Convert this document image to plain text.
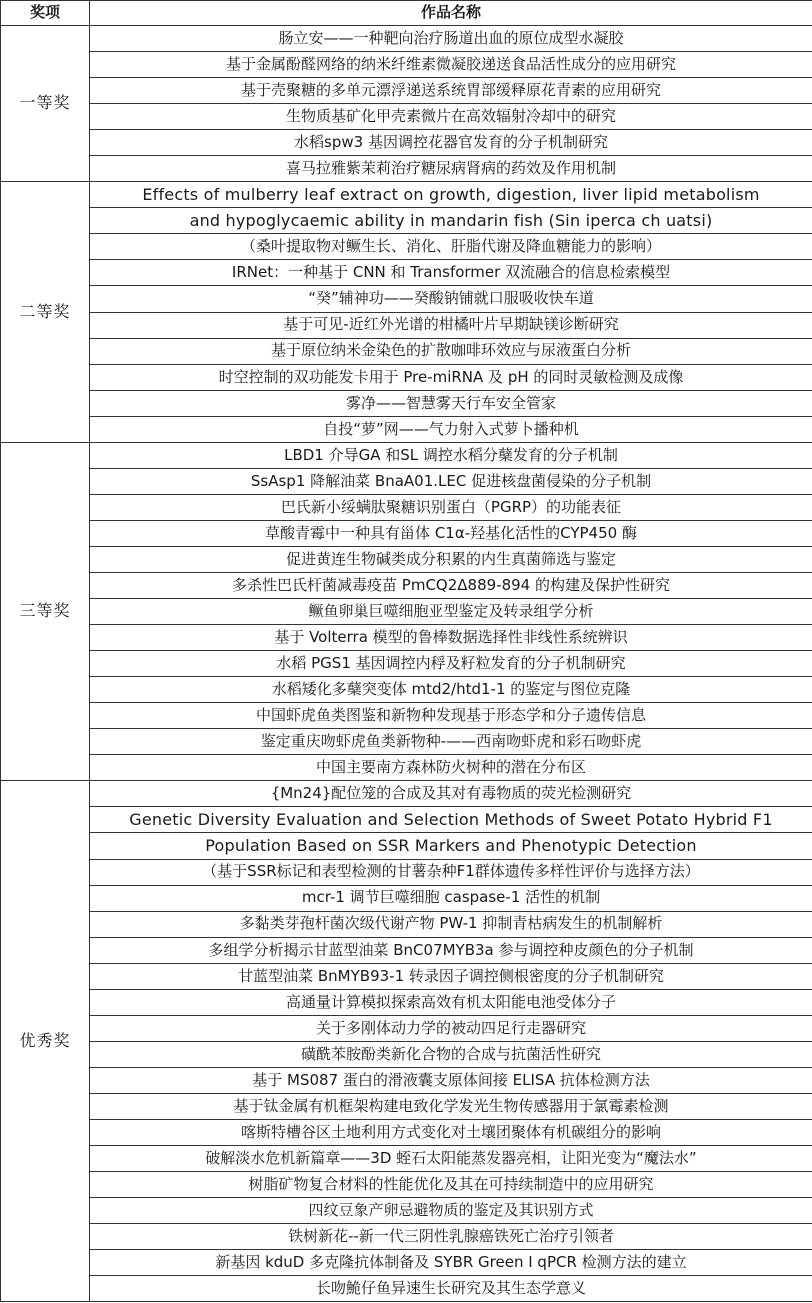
奖项	作品名称
一等奖	肠立安——一种靶向治疗肠道出血的原位成型水凝胶
	基于金属酚醛网络的纳米纤维素微凝胶递送食品活性成分的应用研究
	基于壳聚糖的多单元漂浮递送系统胃部缓释原花青素的应用研究
	生物质基矿化甲壳素微片在高效辐射冷却中的研究
	水稻spw3 基因调控花器官发育的分子机制研究
	喜马拉雅紫茉莉治疗糖尿病肾病的药效及作用机制
二等奖	Effects of mulberry leaf extract on growth, digestion, liver lipid metabolism
	and hypoglycaemic ability in mandarin fish (Sin iperca ch uatsi)
	（桑叶提取物对鳜生长、消化、肝脂代谢及降血糖能力的影响）
	IRNet：一种基于 CNN 和 Transformer 双流融合的信息检索模型
	“癸”辅神功——癸酸钠铺就口服吸收快车道
	基于可见-近红外光谱的柑橘叶片早期缺镁诊断研究
	基于原位纳米金染色的扩散咖啡环效应与尿液蛋白分析
	时空控制的双功能发卡用于 Pre-miRNA 及 pH 的同时灵敏检测及成像
	雾净——智慧雾天行车安全管家
	自投“萝”网——气力射入式萝卜播种机
三等奖	LBD1 介导GA 和SL 调控水稻分蘖发育的分子机制
	SsAsp1 降解油菜 BnaA01.LEC 促进核盘菌侵染的分子机制
	巴氏新小绥螨肽聚糖识别蛋白（PGRP）的功能表征
	草酸青霉中一种具有甾体 C1α-羟基化活性的CYP450 酶
	促进黄连生物碱类成分积累的内生真菌筛选与鉴定
	多杀性巴氏杆菌减毒疫苗 PmCQ2Δ889-894 的构建及保护性研究
	鳜鱼卵巢巨噬细胞亚型鉴定及转录组学分析
	基于 Volterra 模型的鲁棒数据选择性非线性系统辨识
	水稻 PGS1 基因调控内稃及籽粒发育的分子机制研究
	水稻矮化多蘖突变体 mtd2/htd1-1 的鉴定与图位克隆
	中国虾虎鱼类图鉴和新物种发现基于形态学和分子遗传信息
	鉴定重庆吻虾虎鱼类新物种-——西南吻虾虎和彩石吻虾虎
	中国主要南方森林防火树种的潜在分布区
优秀奖	{Mn24}配位笼的合成及其对有毒物质的荧光检测研究
	Genetic Diversity Evaluation and Selection Methods of Sweet Potato Hybrid F1
	Population Based on SSR Markers and Phenotypic Detection
	（基于SSR标记和表型检测的甘薯杂种F1群体遗传多样性评价与选择方法）
	mcr-1 调节巨噬细胞 caspase-1 活性的机制
	多黏类芽孢杆菌次级代谢产物 PW-1 抑制青枯病发生的机制解析
	多组学分析揭示甘蓝型油菜 BnC07MYB3a 参与调控种皮颜色的分子机制
	甘蓝型油菜 BnMYB93-1 转录因子调控侧根密度的分子机制研究
	高通量计算模拟探索高效有机太阳能电池受体分子
	关于多刚体动力学的被动四足行走器研究
	磺酰苯胺酚类新化合物的合成与抗菌活性研究
	基于 MS087 蛋白的滑液囊支原体间接 ELISA 抗体检测方法
	基于钛金属有机框架构建电致化学发光生物传感器用于氯霉素检测
	喀斯特槽谷区土地利用方式变化对土壤团聚体有机碳组分的影响
	破解淡水危机新篇章——3D 蛭石太阳能蒸发器亮相，让阳光变为“魔法水”
	树脂矿物复合材料的性能优化及其在可持续制造中的应用研究
	四纹豆象产卵忌避物质的鉴定及其识别方式
	铁树新花--新一代三阴性乳腺癌铁死亡治疗引领者
	新基因 kduD 多克隆抗体制备及 SYBR Green Ⅰ qPCR 检测方法的建立
	长吻鮠仔鱼异速生长研究及其生态学意义
